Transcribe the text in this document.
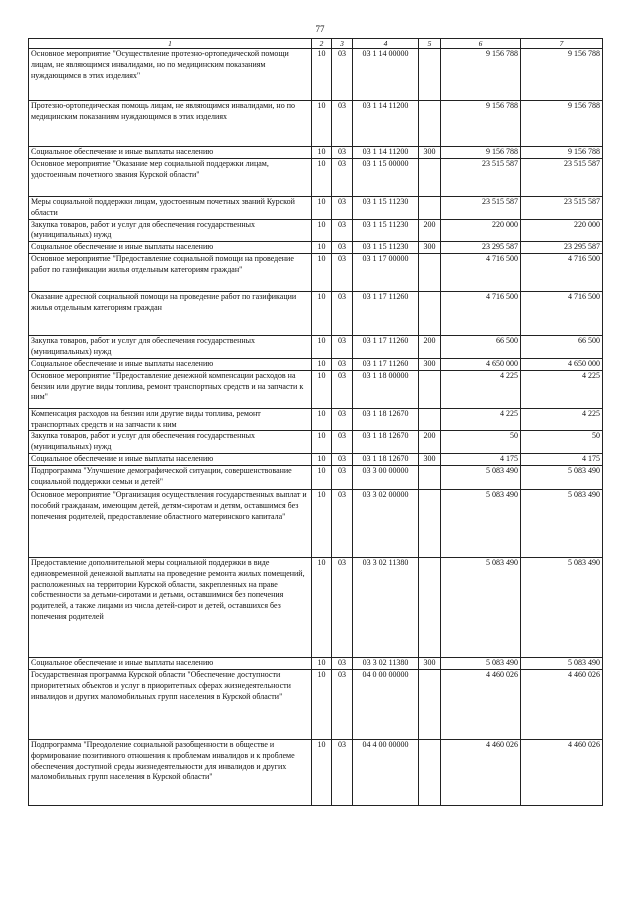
77
1	2	3	4	5	6	7
Основное мероприятие "Осуществление протезно-ортопедической помощи лицам, не являющимся инвалидами, но по медицинским показаниям нуждающимся в этих изделиях"	10	03	03 1 14 00000		9 156 788	9 156 788
Протезно-ортопедическая помощь лицам, не являющимся инвалидами, но по медицинским показаниям нуждающимся в этих изделиях	10	03	03 1 14 11200		9 156 788	9 156 788
Социальное обеспечение и иные выплаты населению	10	03	03 1 14 11200	300	9 156 788	9 156 788
Основное мероприятие "Оказание мер социальной поддержки лицам, удостоенным почетного звания Курской области"	10	03	03 1 15 00000		23 515 587	23 515 587
Меры социальной поддержки лицам, удостоенным почетных званий Курской области	10	03	03 1 15 11230		23 515 587	23 515 587
Закупка товаров, работ и услуг для обеспечения государственных (муниципальных) нужд	10	03	03 1 15 11230	200	220 000	220 000
Социальное обеспечение и иные выплаты населению	10	03	03 1 15 11230	300	23 295 587	23 295 587
Основное мероприятие "Предоставление социальной помощи на проведение работ по газификации жилья отдельным категориям граждан"	10	03	03 1 17 00000		4 716 500	4 716 500
Оказание адресной социальной помощи на проведение работ по газификации жилья отдельным категориям граждан	10	03	03 1 17 11260		4 716 500	4 716 500
Закупка товаров, работ и услуг для обеспечения государственных (муниципальных) нужд	10	03	03 1 17 11260	200	66 500	66 500
Социальное обеспечение и иные выплаты населению	10	03	03 1 17 11260	300	4 650 000	4 650 000
Основное мероприятие "Предоставление денежной компенсации расходов на бензин или другие виды топлива, ремонт транспортных средств и на запчасти к ним"	10	03	03 1 18 00000		4 225	4 225
Компенсация расходов на бензин или другие виды топлива, ремонт транспортных средств и на запчасти к ним	10	03	03 1 18 12670		4 225	4 225
Закупка товаров, работ и услуг для обеспечения государственных (муниципальных) нужд	10	03	03 1 18 12670	200	50	50
Социальное обеспечение и иные выплаты населению	10	03	03 1 18 12670	300	4 175	4 175
Подпрограмма "Улучшение демографической ситуации, совершенствование социальной поддержки семьи и детей"	10	03	03 3 00 00000		5 083 490	5 083 490
Основное мероприятие "Организация осуществления государственных выплат и пособий гражданам, имеющим детей, детям-сиротам и детям, оставшимся без попечения родителей, предоставление областного материнского капитала"	10	03	03 3 02 00000		5 083 490	5 083 490
Предоставление дополнительной меры социальной поддержки в виде единовременной денежной выплаты на проведение ремонта жилых помещений, расположенных на территории Курской области, закрепленных на праве собственности за детьми-сиротами и детьми, оставшимися без попечения родителей, а также лицами из числа детей-сирот и детей, оставшихся без попечения родителей	10	03	03 3 02 11380		5 083 490	5 083 490
Социальное обеспечение и иные выплаты населению	10	03	03 3 02 11380	300	5 083 490	5 083 490
Государственная программа Курской области "Обеспечение доступности приоритетных объектов и услуг в приоритетных сферах жизнедеятельности инвалидов и других маломобильных групп населения в Курской области"	10	03	04 0 00 00000		4 460 026	4 460 026
Подпрограмма "Преодоление социальной разобщенности в обществе и формирование позитивного отношения к проблемам инвалидов и к проблеме обеспечения доступной среды жизнедеятельности для инвалидов и других маломобильных групп населения в Курской области"	10	03	04 4 00 00000		4 460 026	4 460 026
